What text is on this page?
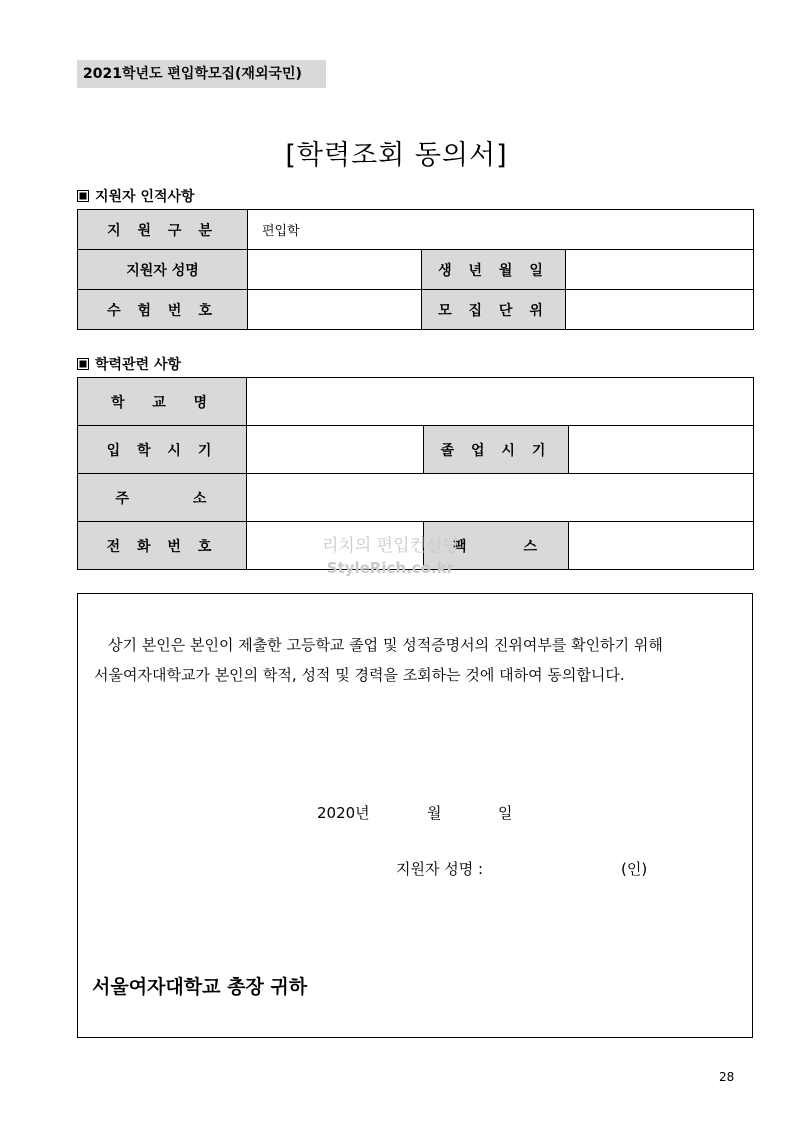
2021학년도 편입학모집(재외국민)
[학력조회 동의서]
지원자 인적사항
지 원 구 분	편입학		
지원자 성명		생 년 월 일	
수 험 번 호		모 집 단 위	
학력관련 사항
학  교  명			
입 학 시 기		졸 업 시 기	
주         소			
전 화 번 호		팩        스	
리치의 편입컨설팅
StyleRich.co.kr
상기 본인은 본인이 제출한 고등학교 졸업 및 성적증명서의 진위여부를 확인하기 위해
서울여자대학교가 본인의 학적, 성적 및 경력을 조회하는 것에 대하여 동의합니다.
2020년	월	일
지원자 성명 :	(인)
서울여자대학교 총장 귀하
28
